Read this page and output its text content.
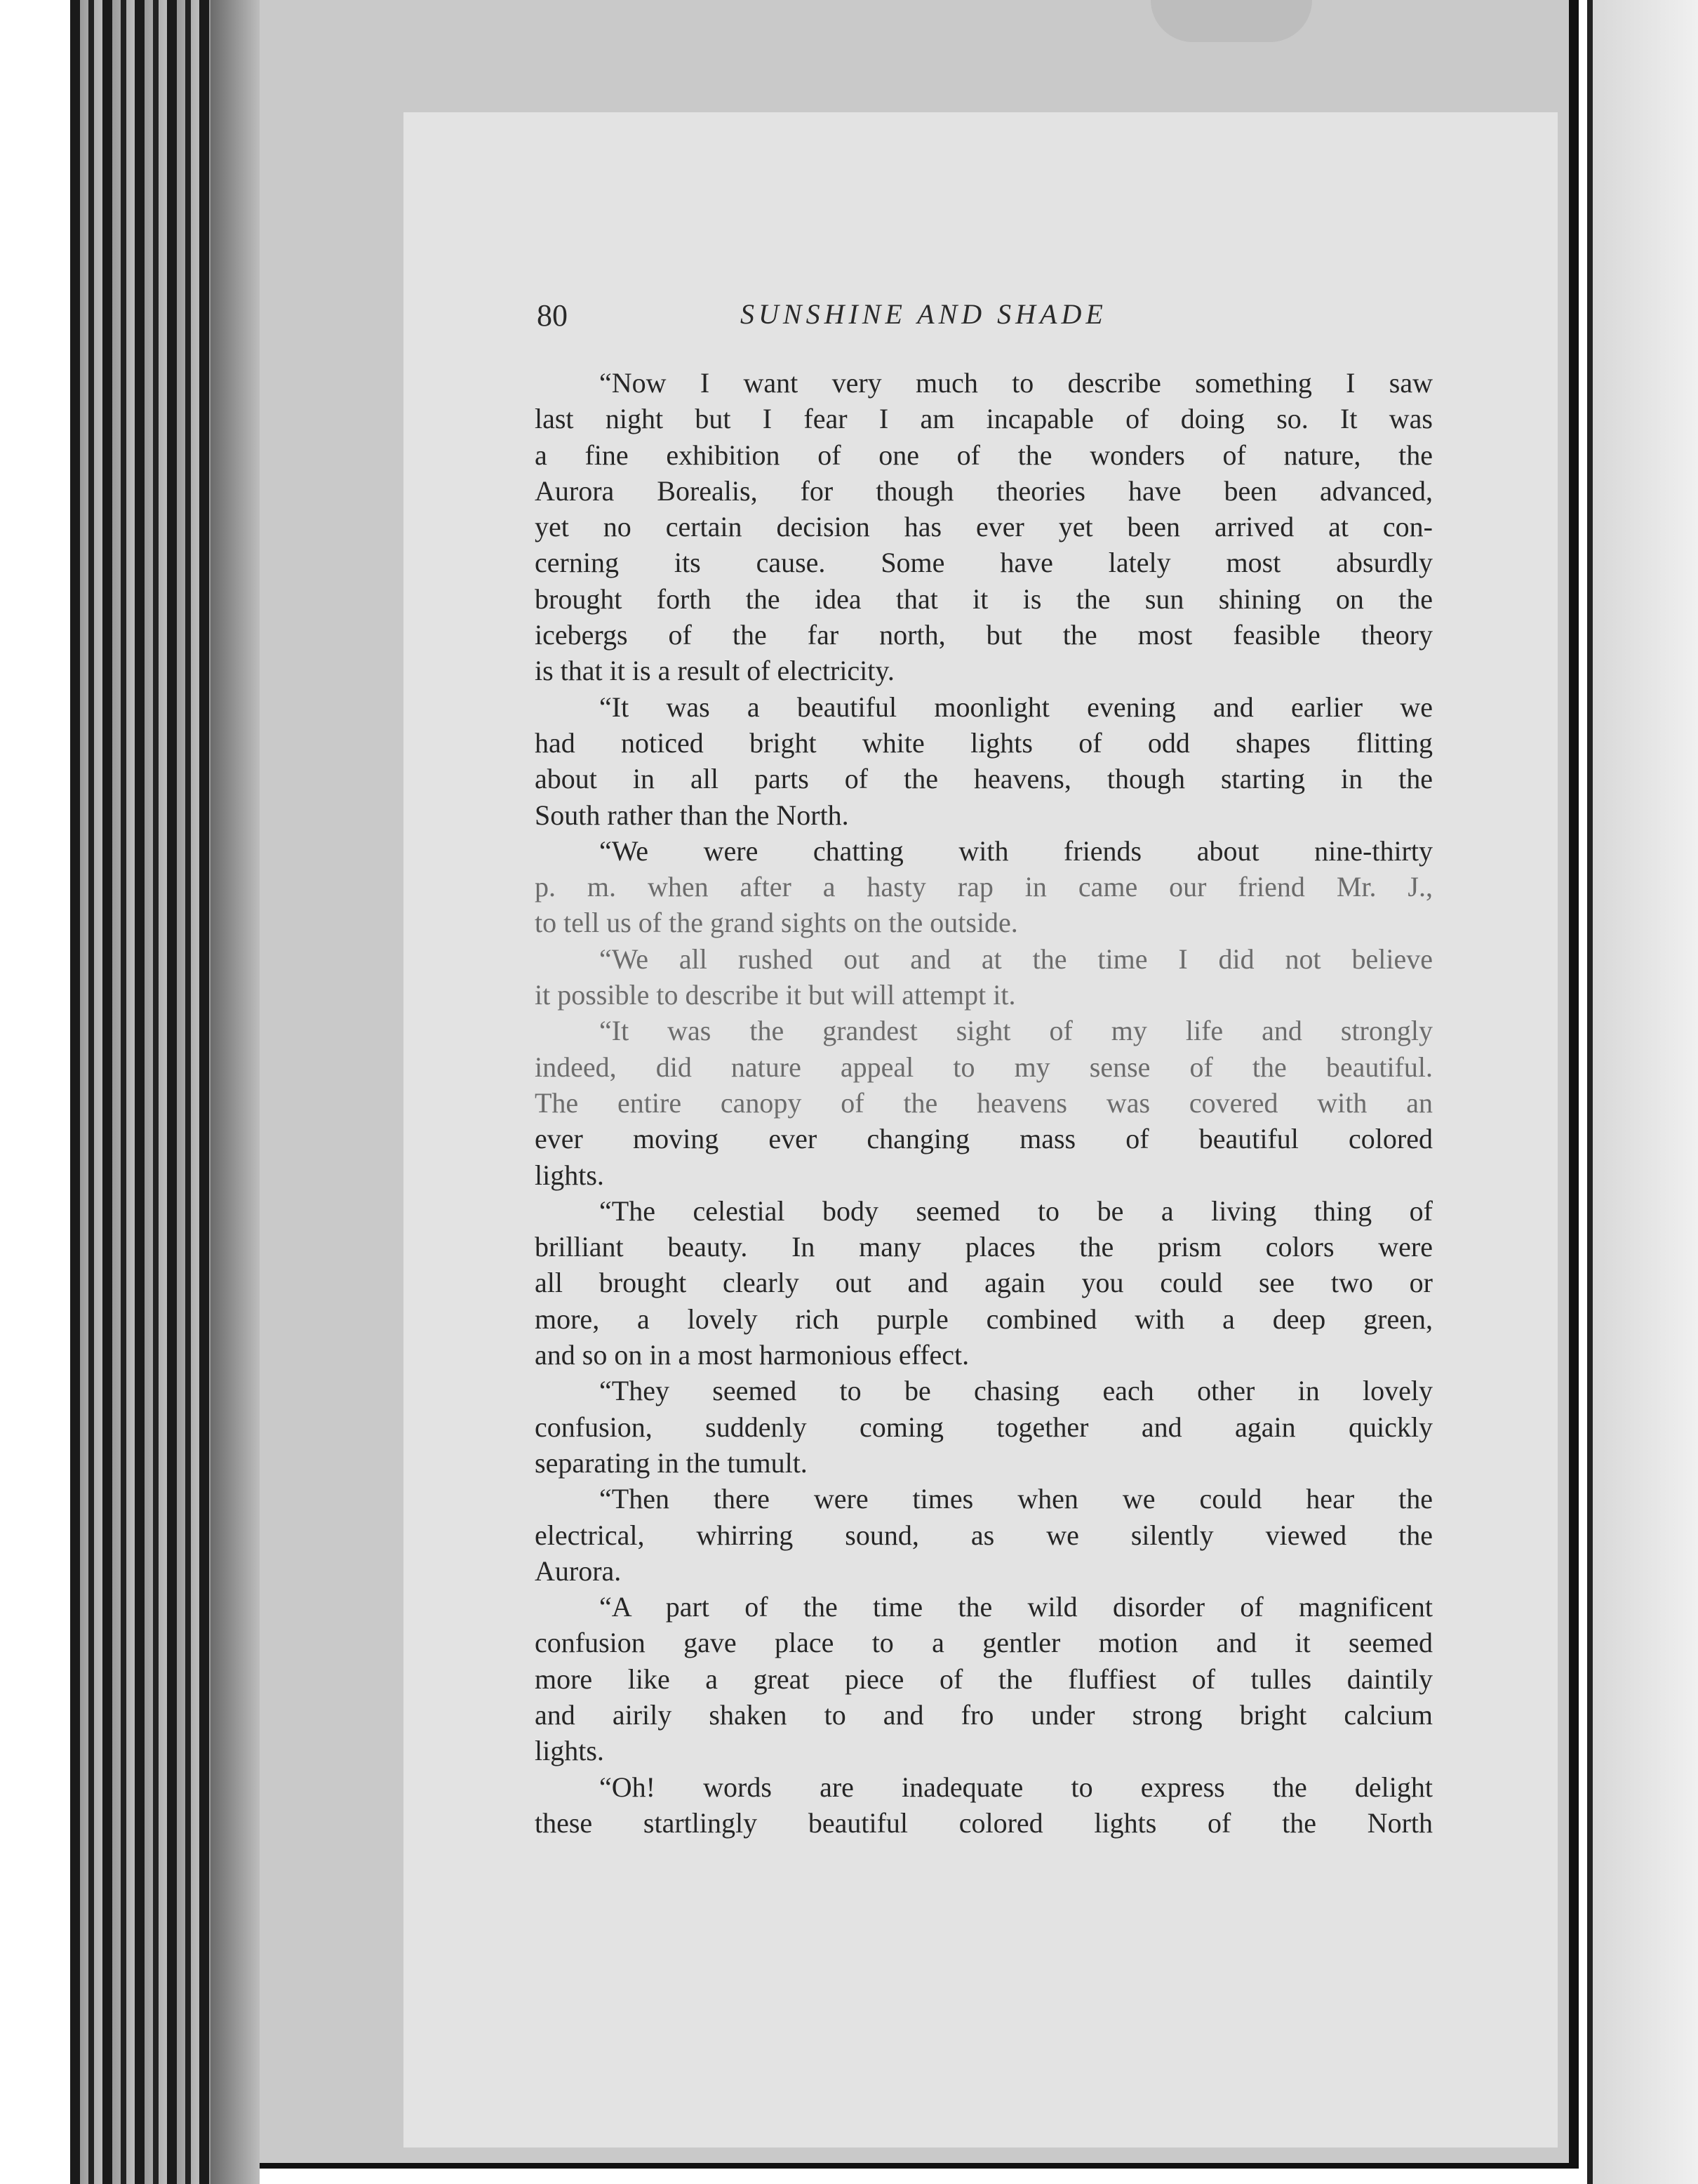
80	SUNSHINE AND SHADE
“Now I want very much to describe something I saw
last night but I fear I am incapable of doing so. It was
a fine exhibition of one of the wonders of nature, the
Aurora Borealis, for though theories have been advanced,
yet no certain decision has ever yet been arrived at con-
cerning its cause. Some have lately most absurdly
brought forth the idea that it is the sun shining on the
icebergs of the far north, but the most feasible theory
is that it is a result of electricity.
“It was a beautiful moonlight evening and earlier we
had noticed bright white lights of odd shapes flitting
about in all parts of the heavens, though starting in the
South rather than the North.
“We were chatting with friends about nine-thirty
p. m. when after a hasty rap in came our friend Mr. J.,
to tell us of the grand sights on the outside.
“We all rushed out and at the time I did not believe
it possible to describe it but will attempt it.
“It was the grandest sight of my life and strongly
indeed, did nature appeal to my sense of the beautiful.
The entire canopy of the heavens was covered with an
ever moving ever changing mass of beautiful colored
lights.
“The celestial body seemed to be a living thing of
brilliant beauty. In many places the prism colors were
all brought clearly out and again you could see two or
more, a lovely rich purple combined with a deep green,
and so on in a most harmonious effect.
“They seemed to be chasing each other in lovely
confusion, suddenly coming together and again quickly
separating in the tumult.
“Then there were times when we could hear the
electrical, whirring sound, as we silently viewed the
Aurora.
“A part of the time the wild disorder of magnificent
confusion gave place to a gentler motion and it seemed
more like a great piece of the fluffiest of tulles daintily
and airily shaken to and fro under strong bright calcium
lights.
“Oh! words are inadequate to express the delight
these startlingly beautiful colored lights of the North
